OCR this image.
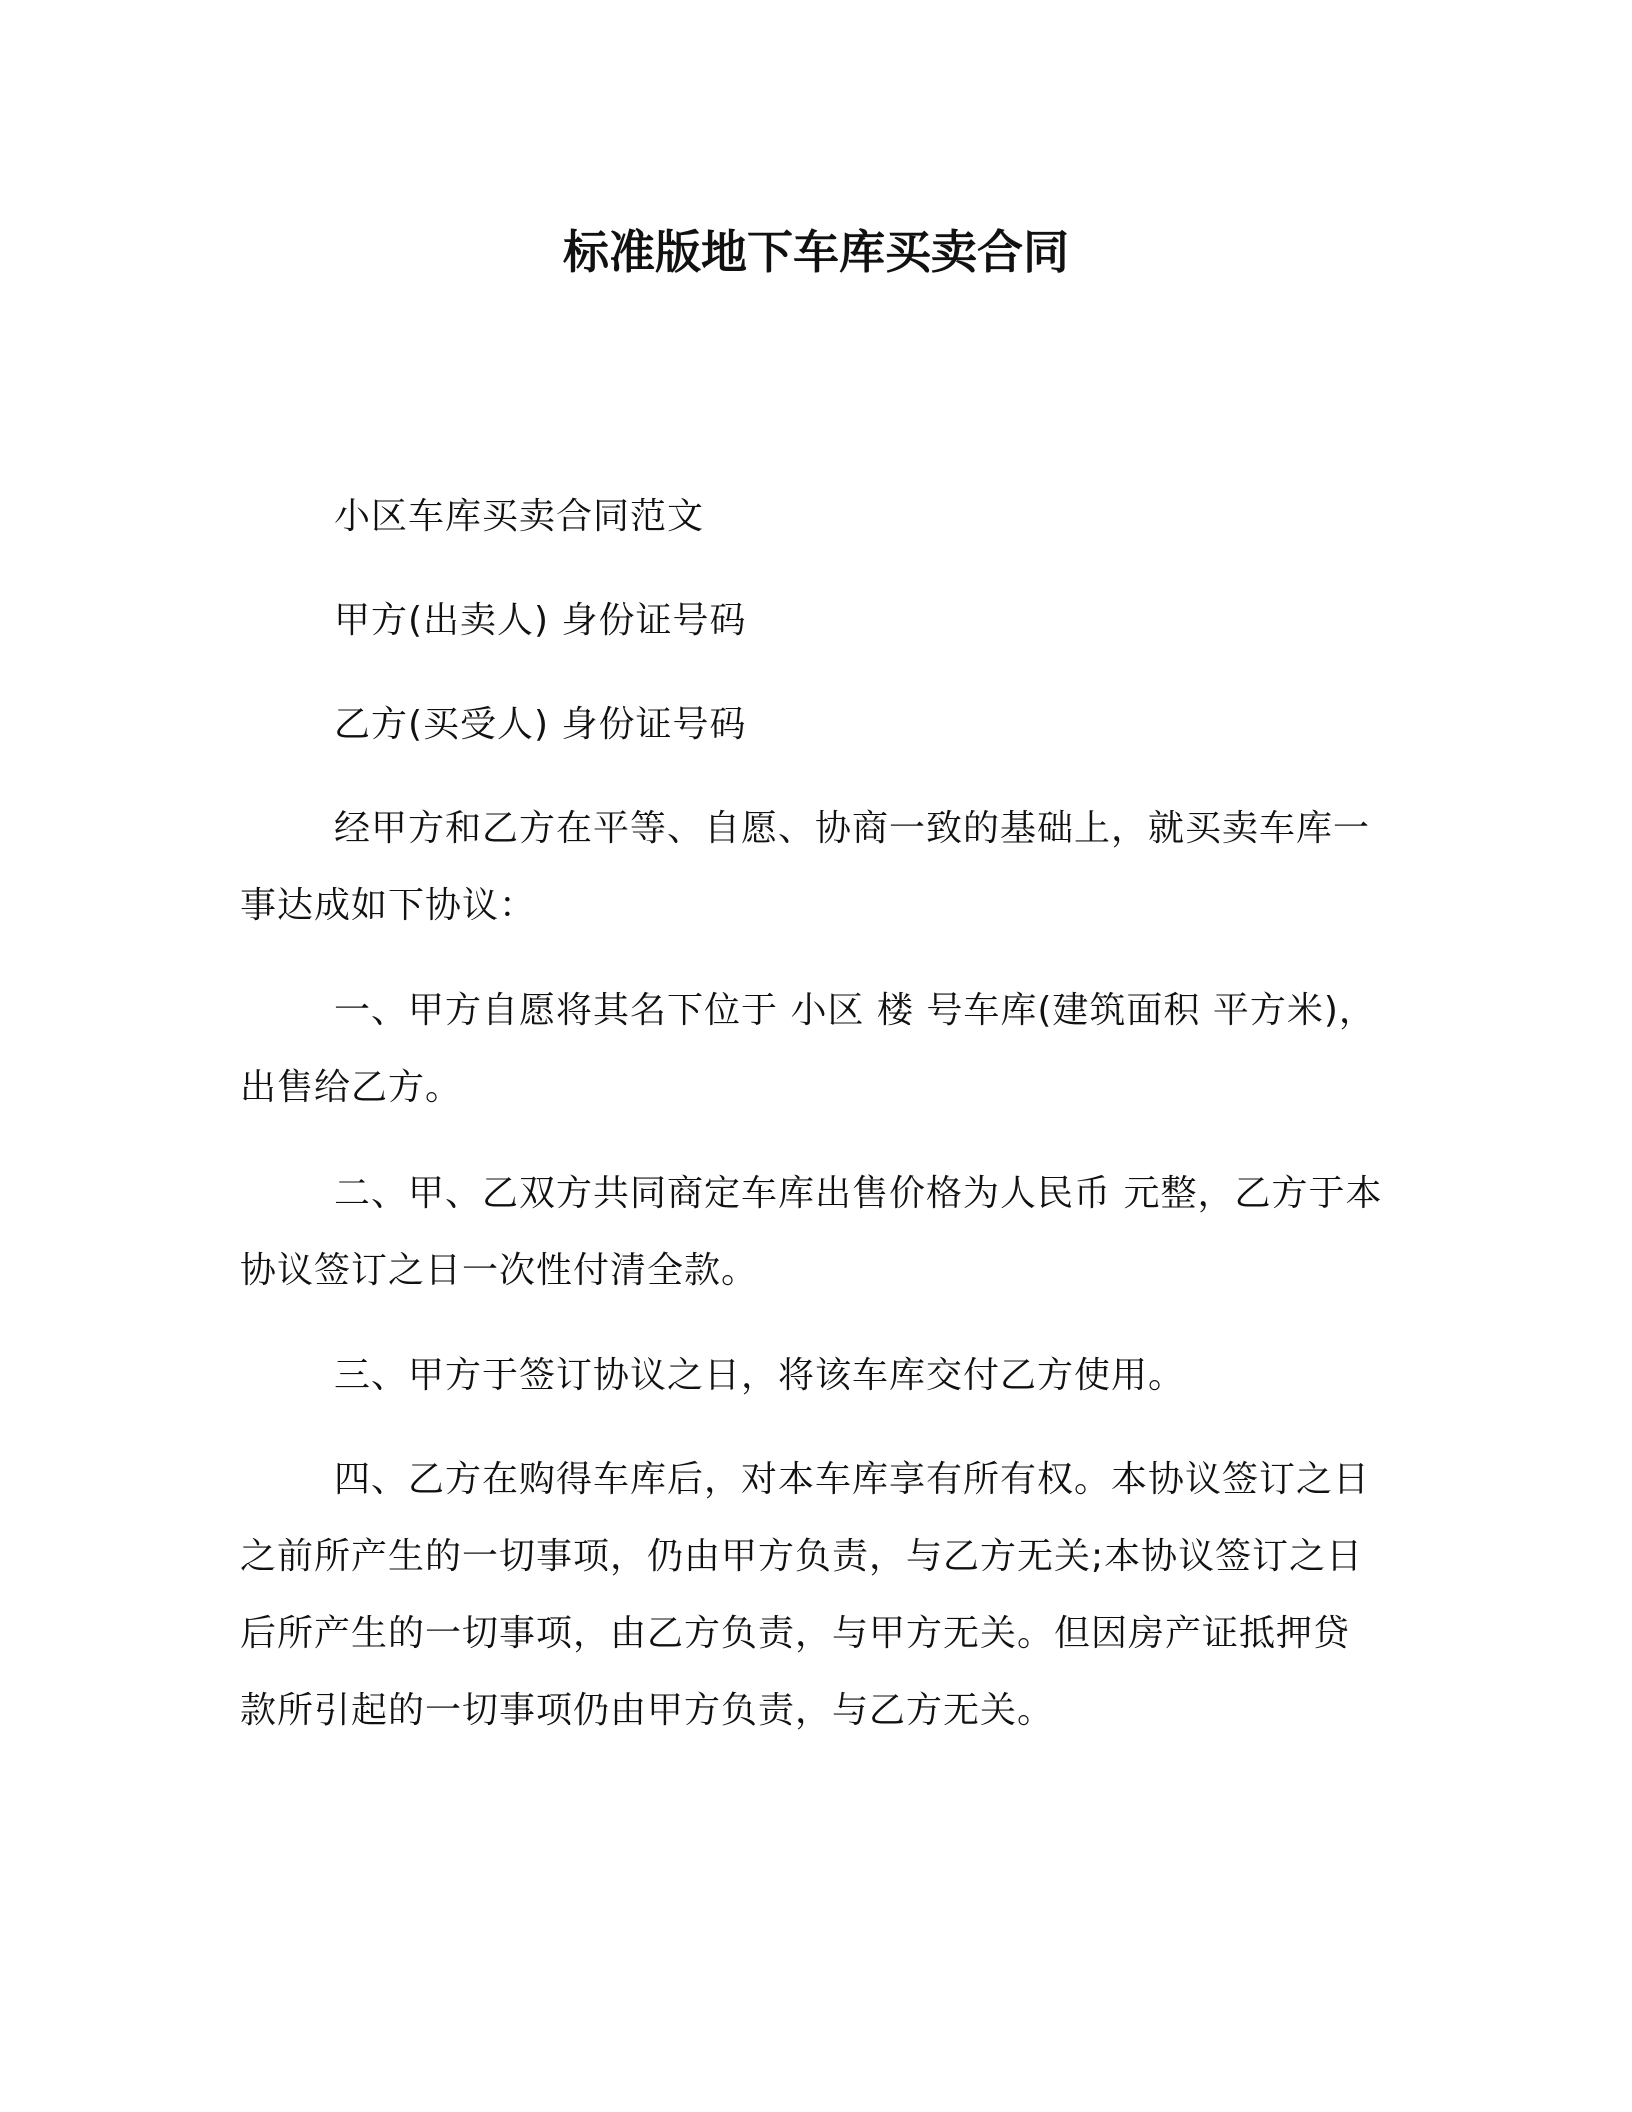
标准版地下车库买卖合同
小区车库买卖合同范文
甲方(出卖人) 身份证号码
乙方(买受人) 身份证号码
经甲方和乙方在平等、自愿、协商一致的基础上，就买卖车库一
事达成如下协议：
一、甲方自愿将其名下位于 小区 楼 号车库(建筑面积 平方米)，
出售给乙方。
二、甲、乙双方共同商定车库出售价格为人民币 元整，乙方于本
协议签订之日一次性付清全款。
三、甲方于签订协议之日，将该车库交付乙方使用。
四、乙方在购得车库后，对本车库享有所有权。本协议签订之日
之前所产生的一切事项，仍由甲方负责，与乙方无关;本协议签订之日
后所产生的一切事项，由乙方负责，与甲方无关。但因房产证抵押贷
款所引起的一切事项仍由甲方负责，与乙方无关。
